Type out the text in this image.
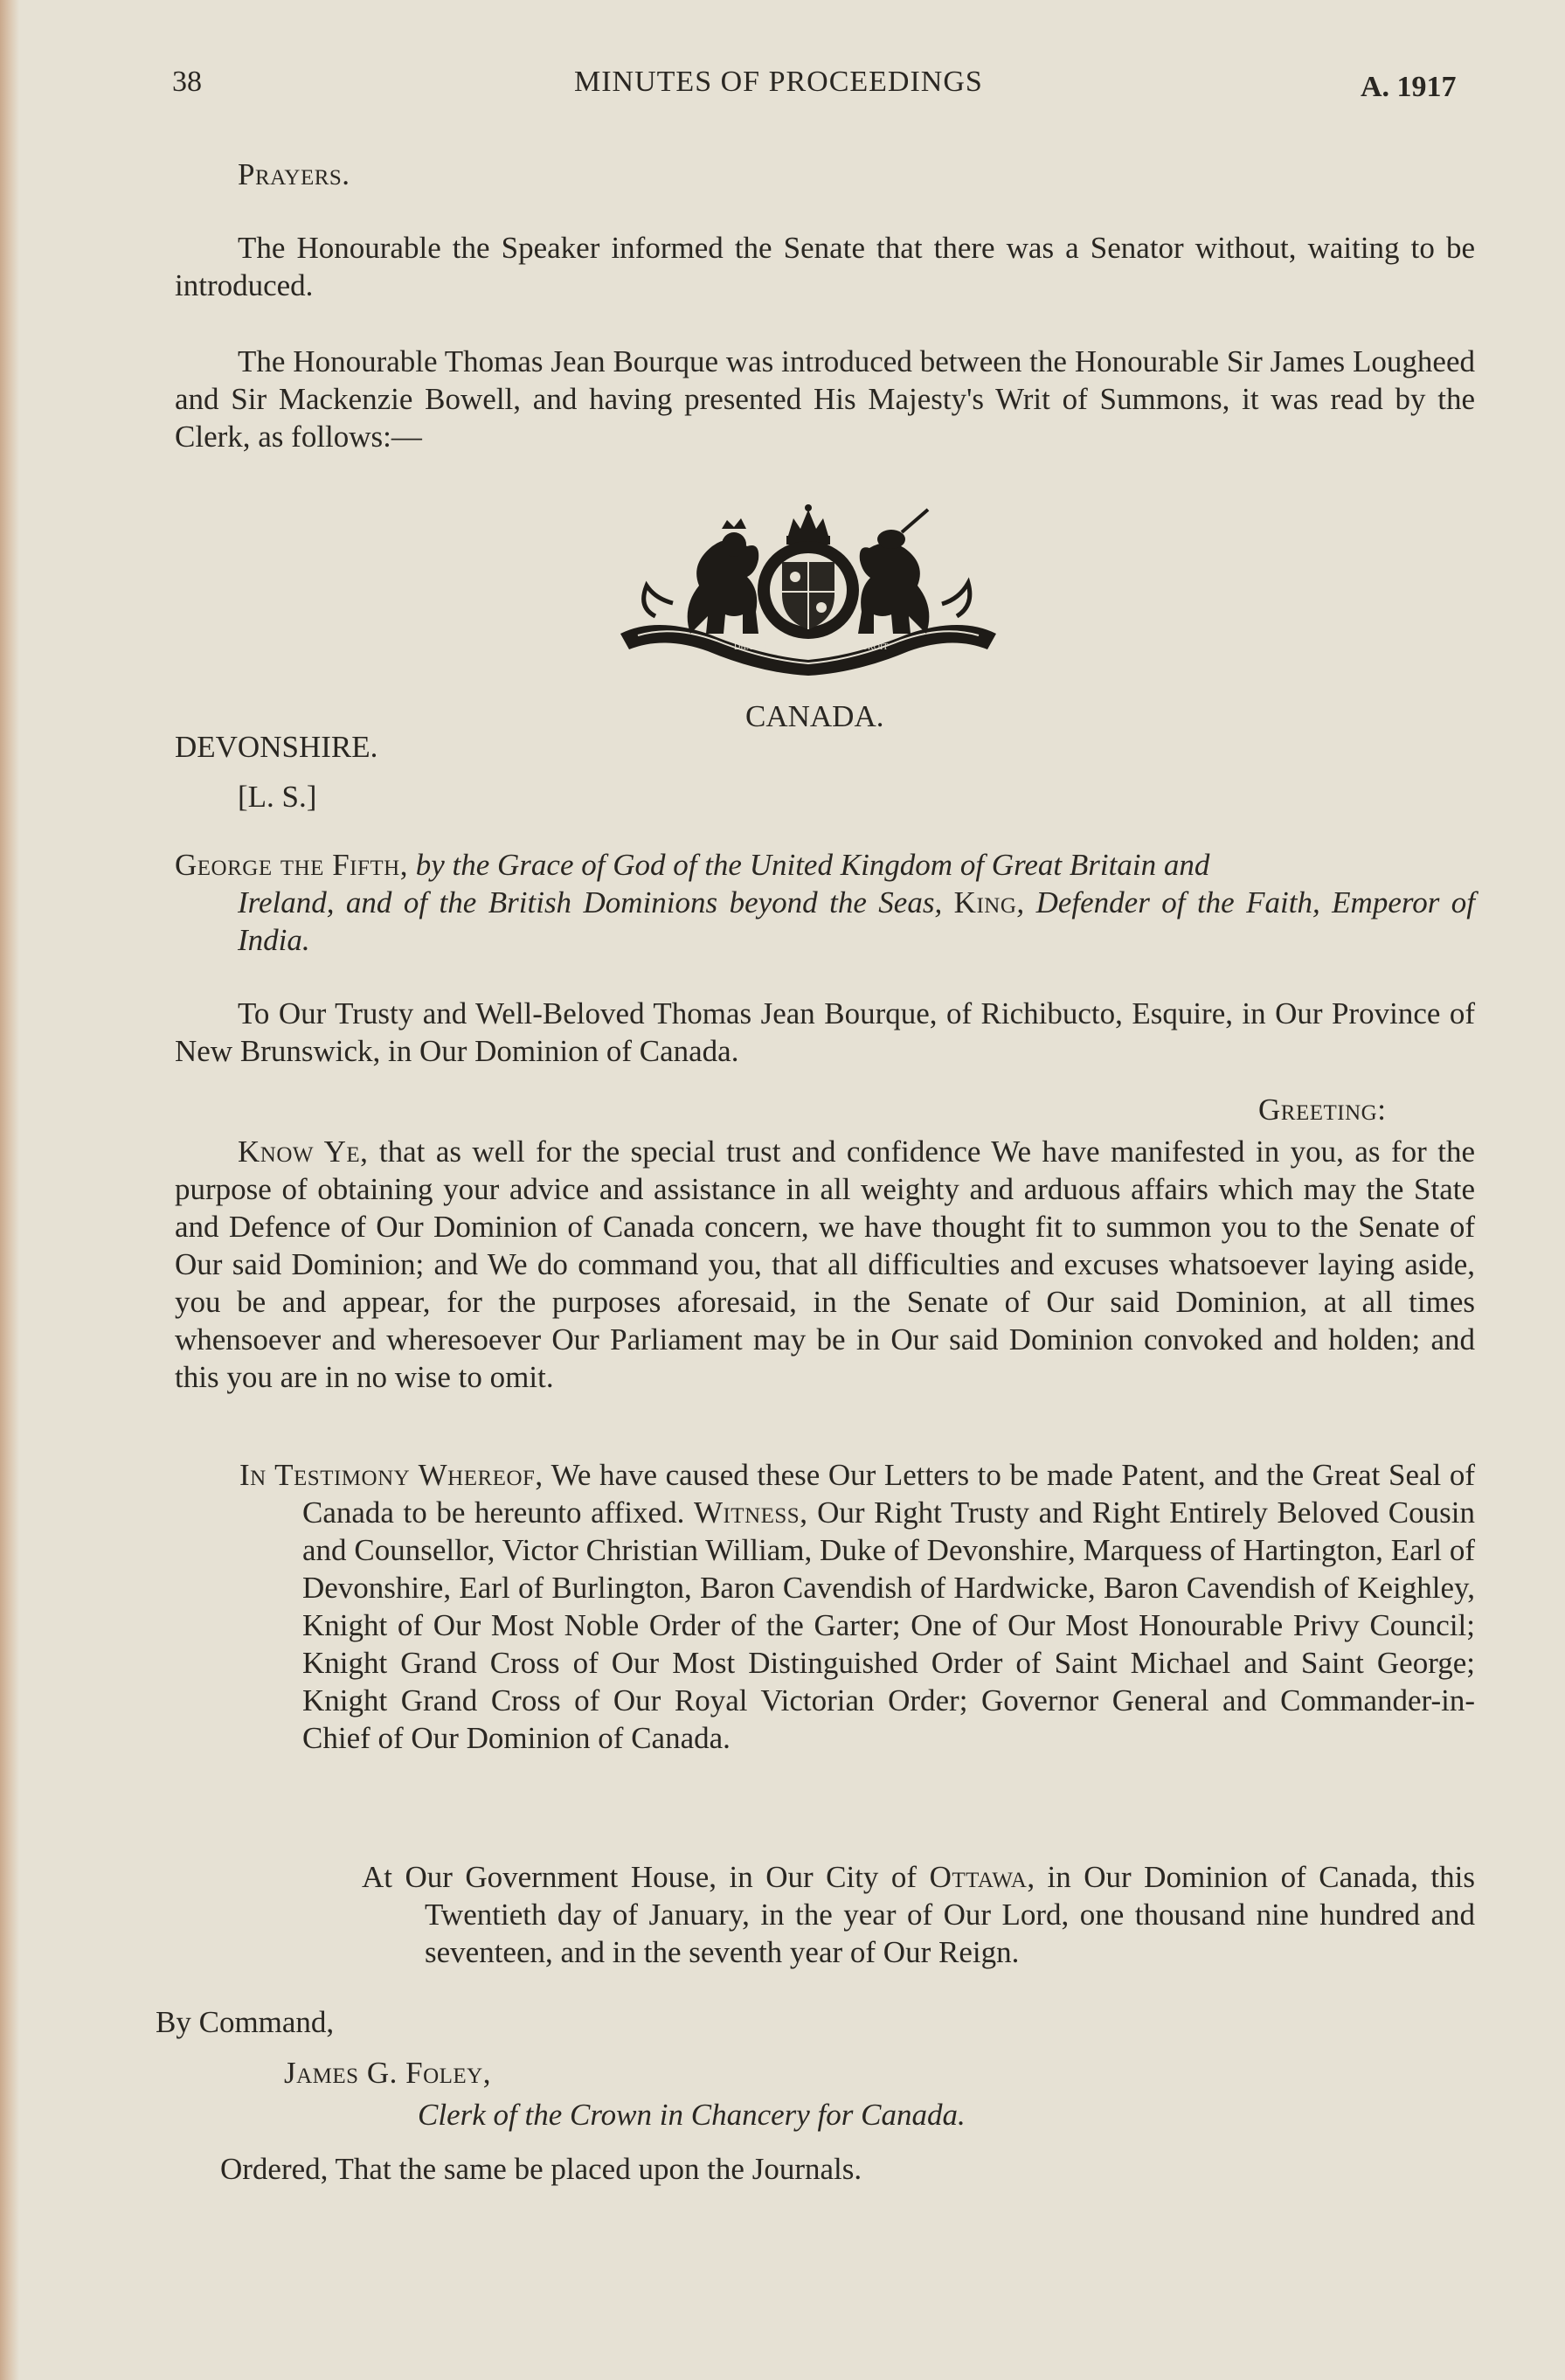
38	MINUTES OF PROCEEDINGS	A. 1917
Prayers.

The Honourable the Speaker informed the Senate that there was a Senator without, waiting to be introduced.

The Honourable Thomas Jean Bourque was introduced between the Honourable Sir James Lougheed and Sir Mackenzie Bowell, and having presented His Majesty's Writ of Summons, it was read by the Clerk, as follows:—

DIEU ET	MON DROIT
CANADA.
DEVONSHIRE.
[L. S.]

George the Fifth, by the Grace of God of the United Kingdom of Great Britain and
Ireland, and of the British Dominions beyond the Seas, King, Defender of the Faith, Emperor of India.

To Our Trusty and Well-Beloved Thomas Jean Bourque, of Richibucto, Esquire, in Our Province of New Brunswick, in Our Dominion of Canada.

Greeting:

Know Ye, that as well for the special trust and confidence We have manifested in you, as for the purpose of obtaining your advice and assistance in all weighty and arduous affairs which may the State and Defence of Our Dominion of Canada concern, we have thought fit to summon you to the Senate of Our said Dominion; and We do command you, that all difficulties and excuses whatsoever laying aside, you be and appear, for the purposes aforesaid, in the Senate of Our said Dominion, at all times whensoever and wheresoever Our Parliament may be in Our said Dominion convoked and holden; and this you are in no wise to omit.

In Testimony Whereof, We have caused these Our Letters to be made Patent, and the Great Seal of Canada to be hereunto affixed. Witness, Our Right Trusty and Right Entirely Beloved Cousin and Counsellor, Victor Christian William, Duke of Devonshire, Marquess of Hartington, Earl of Devonshire, Earl of Burlington, Baron Cavendish of Hardwicke, Baron Cavendish of Keighley, Knight of Our Most Noble Order of the Garter; One of Our Most Honourable Privy Council; Knight Grand Cross of Our Most Distinguished Order of Saint Michael and Saint George; Knight Grand Cross of Our Royal Victorian Order; Governor General and Commander-in-Chief of Our Dominion of Canada.

At Our Government House, in Our City of Ottawa, in Our Dominion of Canada, this Twentieth day of January, in the year of Our Lord, one thousand nine hundred and seventeen, and in the seventh year of Our Reign.

By Command,
James G. Foley,
Clerk of the Crown in Chancery for Canada.
Ordered, That the same be placed upon the Journals.
